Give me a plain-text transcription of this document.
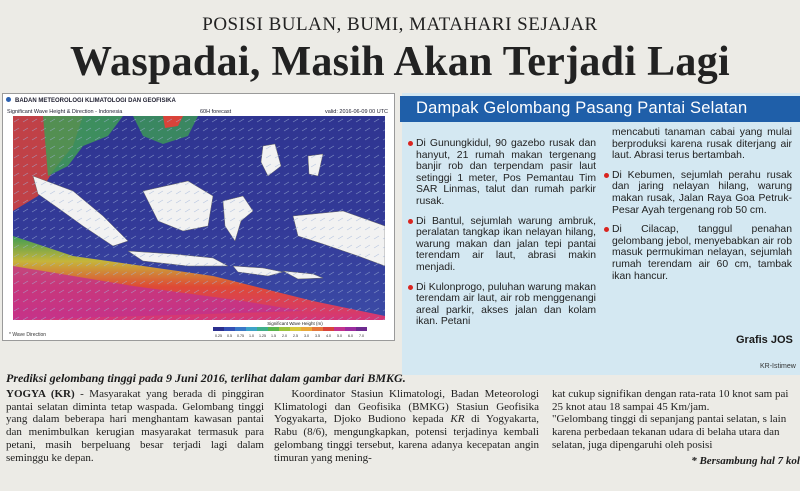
POSISI BULAN, BUMI, MATAHARI SEJAJAR
Waspadai, Masih Akan Terjadi Lagi
BADAN METEOROLOGI KLIMATOLOGI DAN GEOFISIKA
Significant Wave Height & Direction - Indonesia	60H forecast	valid: 2016-06-09 00 UTC
0.25 0.5 0.75 1.0 1.25 1.5 2.0 2.5 3.0 3.5 4.0 5.0 6.0 7.0
Significant Wave Height (m)
* Wave Direction
Dampak Gelombang Pasang Pantai Selatan
Di Gunungkidul, 90 gazebo rusak dan hanyut, 21 rumah makan tergenang banjir rob dan terpendam pasir laut setinggi 1 meter, Pos Pemantau Tim SAR Linmas, talut dan rumah parkir rusak.
Di Bantul, sejumlah warung ambruk, peralatan tangkap ikan nelayan hilang, warung makan dan jalan tepi pantai terendam air laut, abrasi makin menjadi.
Di Kulonprogo, puluhan warung makan terendam air laut, air rob menggenangi areal parkir, akses jalan dan kolam ikan. Petani
mencabuti tanaman cabai yang mulai berproduksi karena rusak diterjang air laut. Abrasi terus bertambah.
Di Kebumen, sejumlah perahu rusak dan jaring nelayan hilang, warung makan rusak, Jalan Raya Goa Petruk-Pesar Ayah tergenang rob 50 cm.
Di Cilacap, tanggul penahan gelombang jebol, menyebabkan air rob masuk permukiman nelayan, sejumlah rumah terendam air 60 cm, tambak ikan hancur.
Grafis JOS
KR-Istimew
Prediksi gelombang tinggi pada 9 Juni 2016, terlihat dalam gambar dari BMKG.
YOGYA (KR) - Masyarakat yang berada di pinggiran pantai selatan diminta tetap waspada. Gelombang tinggi yang dalam beberapa hari menghantam kawasan pantai dan menimbulkan kerugian masyarakat termasuk para petani, masih berpeluang besar terjadi lagi dalam seminggu ke depan.
Koordinator Stasiun Klimatologi, Badan Meteorologi Klimatologi dan Geofisika (BMKG) Stasiun Geofisika Yogyakarta, Djoko Budiono kepada KR di Yogyakarta, Rabu (8/6), mengungkapkan, potensi terjadinya kembali gelombang tinggi tersebut, karena adanya kecepatan angin timuran yang mening-

kat cukup signifikan dengan rata-rata 10 knot sam pai 25 knot atau 18 sampai 45 Km/jam.

"Gelombang tinggi di sepanjang pantai selatan, s lain karena perbedaan tekanan udara di belaha utara dan selatan, juga dipengaruhi oleh posisi

* Bersambung hal 7 kol
